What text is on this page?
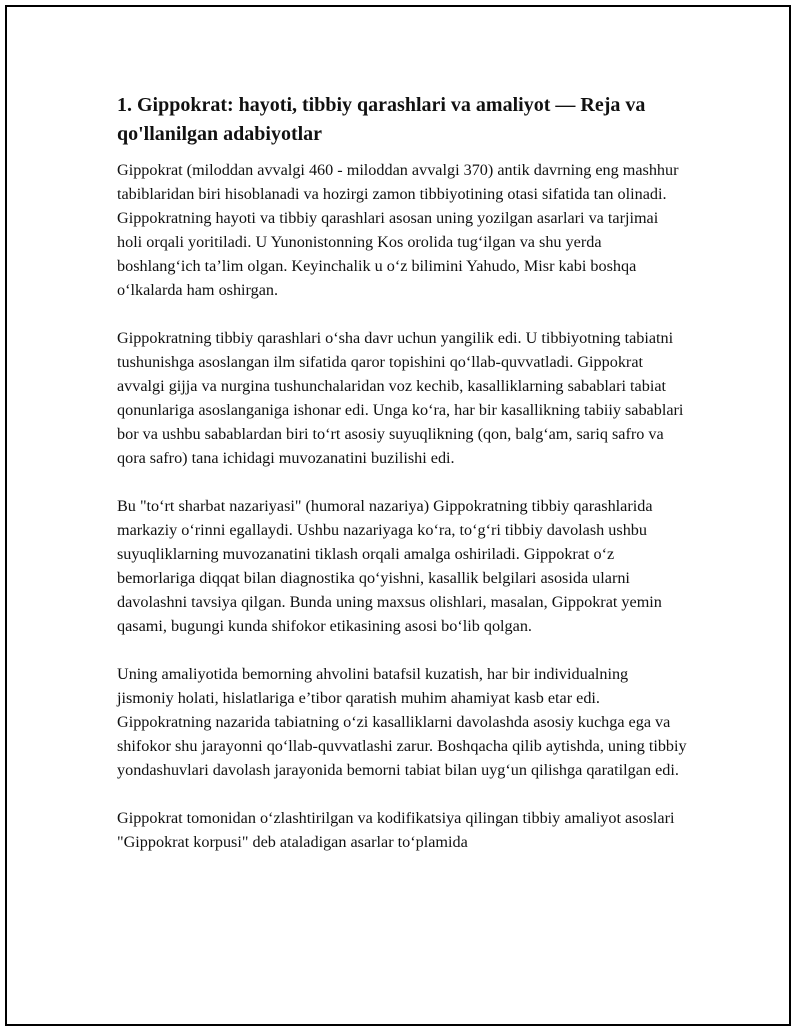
1. Gippokrat: hayoti, tibbiy qarashlari va amaliyot — Reja va qo'llanilgan adabiyotlar

Gippokrat (miloddan avvalgi 460 - miloddan avvalgi 370) antik davrning eng mashhur tabiblaridan biri hisoblanadi va hozirgi zamon tibbiyotining otasi sifatida tan olinadi. Gippokratning hayoti va tibbiy qarashlari asosan uning yozilgan asarlari va tarjimai holi orqali yoritiladi. U Yunonistonning Kos orolida tug‘ilgan va shu yerda boshlang‘ich ta’lim olgan. Keyinchalik u o‘z bilimini Yahudo, Misr kabi boshqa o‘lkalarda ham oshirgan.

Gippokratning tibbiy qarashlari o‘sha davr uchun yangilik edi. U tibbiyotning tabiatni tushunishga asoslangan ilm sifatida qaror topishini qo‘llab-quvvatladi. Gippokrat avvalgi gijja va nurgina tushunchalaridan voz kechib, kasalliklarning sabablari tabiat qonunlariga asoslanganiga ishonar edi. Unga ko‘ra, har bir kasallikning tabiiy sabablari bor va ushbu sabablardan biri to‘rt asosiy suyuqlikning (qon, balg‘am, sariq safro va qora safro) tana ichidagi muvozanatini buzilishi edi.

Bu "to‘rt sharbat nazariyasi" (humoral nazariya) Gippokratning tibbiy qarashlarida markaziy o‘rinni egallaydi. Ushbu nazariyaga ko‘ra, to‘g‘ri tibbiy davolash ushbu suyuqliklarning muvozanatini tiklash orqali amalga oshiriladi. Gippokrat o‘z bemorlariga diqqat bilan diagnostika qo‘yishni, kasallik belgilari asosida ularni davolashni tavsiya qilgan. Bunda uning maxsus olishlari, masalan, Gippokrat yemin qasami, bugungi kunda shifokor etikasining asosi bo‘lib qolgan.

Uning amaliyotida bemorning ahvolini batafsil kuzatish, har bir individualning jismoniy holati, hislatlariga e’tibor qaratish muhim ahamiyat kasb etar edi. Gippokratning nazarida tabiatning o‘zi kasalliklarni davolashda asosiy kuchga ega va shifokor shu jarayonni qo‘llab-quvvatlashi zarur. Boshqacha qilib aytishda, uning tibbiy yondashuvlari davolash jarayonida bemorni tabiat bilan uyg‘un qilishga qaratilgan edi.

Gippokrat tomonidan o‘zlashtirilgan va kodifikatsiya qilingan tibbiy amaliyot asoslari "Gippokrat korpusi" deb ataladigan asarlar to‘plamida
